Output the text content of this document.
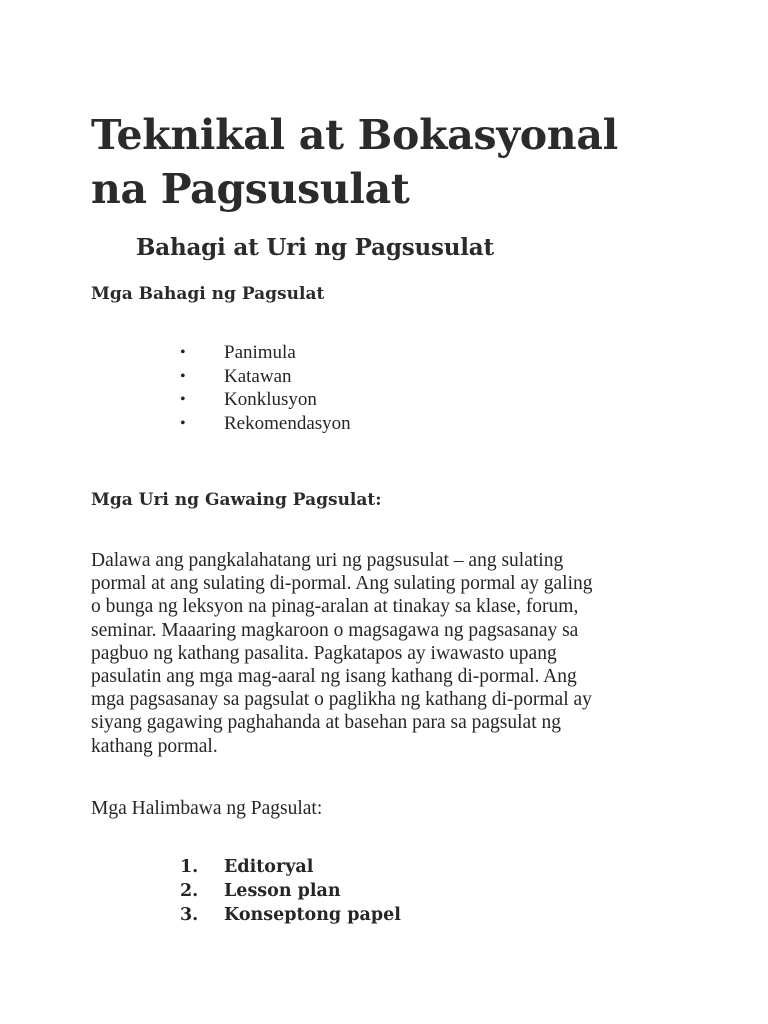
Teknikal at Bokasyonal
na Pagsusulat
Bahagi at Uri ng Pagsusulat
Mga Bahagi ng Pagsulat
• Panimula
• Katawan
• Konklusyon
• Rekomendasyon
Mga Uri ng Gawaing Pagsulat:

Dalawa ang pangkalahatang uri ng pagsusulat – ang sulating
pormal at ang sulating di-pormal. Ang sulating pormal ay galing
o bunga ng leksyon na pinag-aralan at tinakay sa klase, forum,
seminar. Maaaring magkaroon o magsagawa ng pagsasanay sa
pagbuo ng kathang pasalita. Pagkatapos ay iwawasto upang
pasulatin ang mga mag-aaral ng isang kathang di-pormal. Ang
mga pagsasanay sa pagsulat o paglikha ng kathang di-pormal ay
siyang gagawing paghahanda at basehan para sa pagsulat ng
kathang pormal.

Mga Halimbawa ng Pagsulat:

1. Editoryal
2. Lesson plan
3. Konseptong papel
